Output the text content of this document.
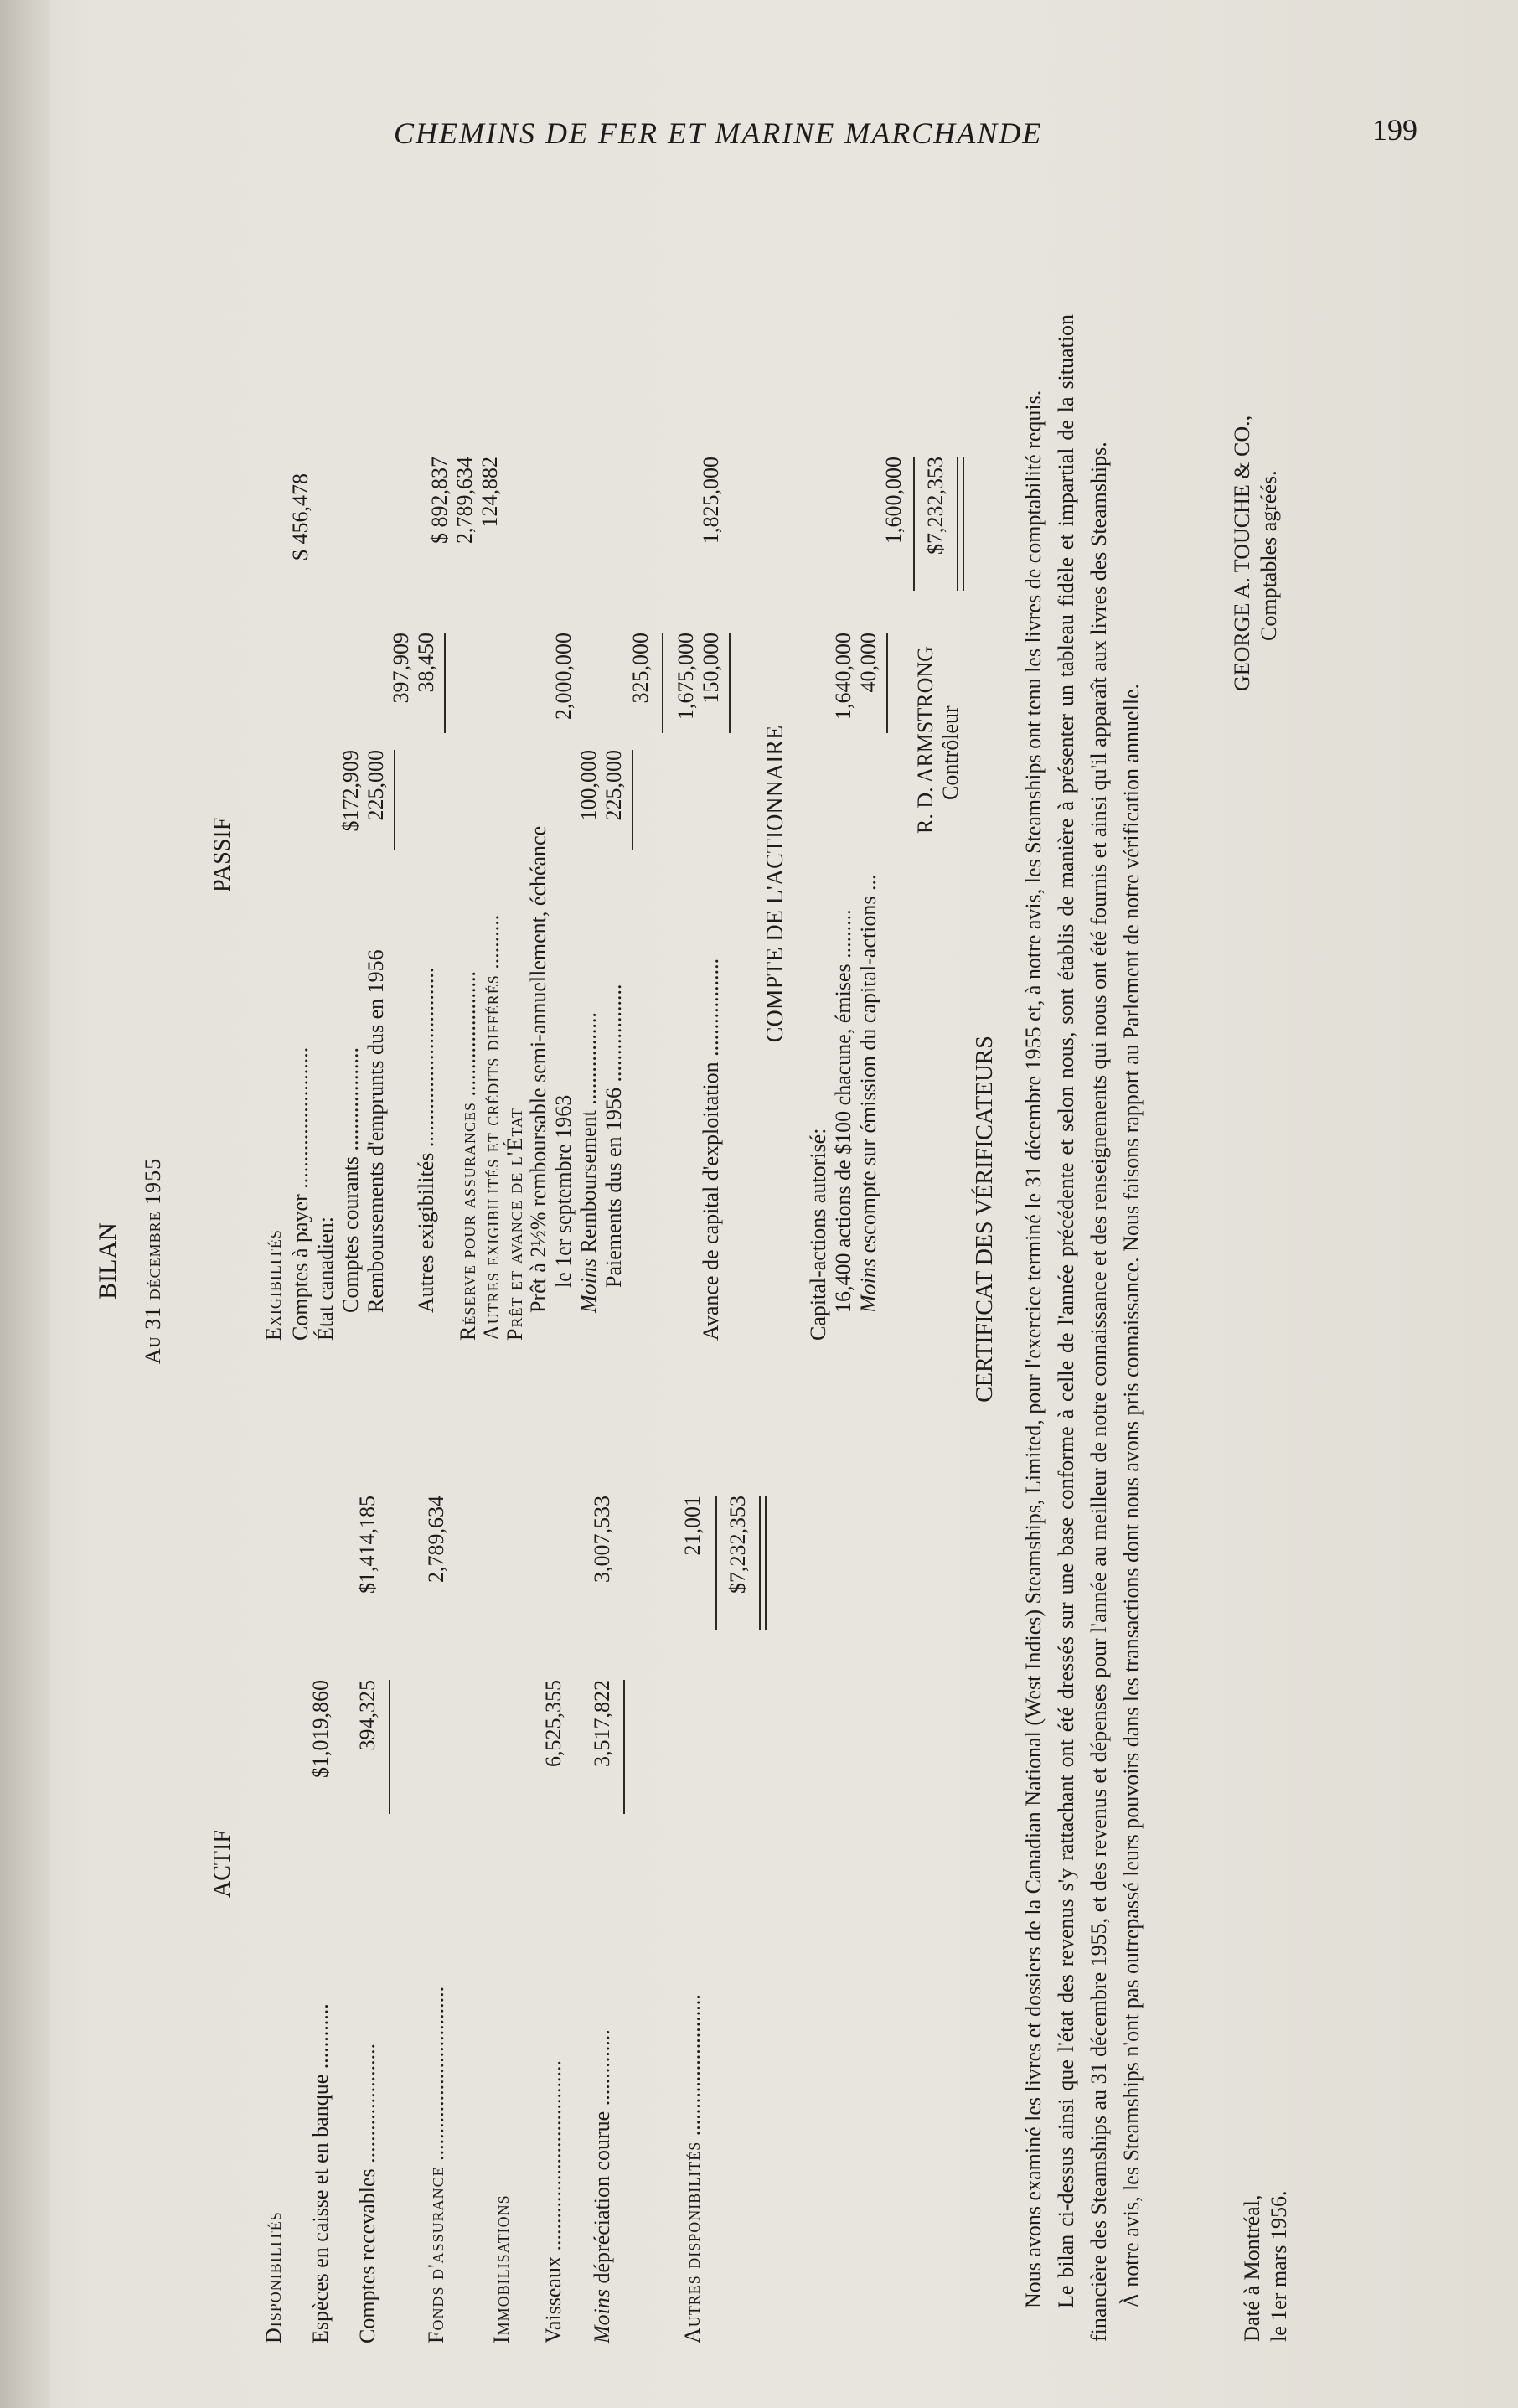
CHEMINS DE FER ET MARINE MARCHANDE	199
BILAN Au 31 décembre 1955
ACTIF
Disponibilités Espèces en caisse et en banque ............
$1,019,860
Comptes recevables ......................
394,325
$1,414,185
Fonds d'assurance ................................
2,789,634
Immobilisations Vaisseaux ...................................
6,525,355
Moins dépréciation courue ..............
3,517,822
3,007,533
Autres disponibilités ..........................
21,001 $7,232,353
PASSIF
Exigibilités Comptes à payer ..........................
$ 456,478
État canadien: Comptes courants ...................
$172,909
Remboursements d'emprunts dus en 1956
225,000
397,909
Autres exigibilités .................................
38,450
Réserve pour assurances .......................
$ 892,837 2,789,634
Autres exigibilités et crédits différés ..........
124,882
Prêt et avance de l'État Prêt à 2½% remboursable semi-annuellement, échéance le 1er septembre 1963
2,000,000
Moins Remboursement .................
100,000
Paiements dus en 1956 ..................
225,000
325,000 1,675,000
Avance de capital d'exploitation ..................
150,000
1,825,000
COMPTE DE L'ACTIONNAIRE
Capital-actions autorisé: 16,400 actions de $100 chacune, émises .........
1,640,000
Moins escompte sur émission du capital-actions ...
40,000
1,600,000 $7,232,353
R. D. ARMSTRONG Contrôleur
CERTIFICAT DES VÉRIFICATEURS Nous avons examiné les livres et dossiers de la Canadian National (West Indies) Steamships, Limited, pour l'exercice terminé le 31 décembre 1955 et, à notre avis, les Steamships ont tenu les livres de comptabilité requis. Le bilan ci-dessus ainsi que l'état des revenus s'y rattachant ont été dressés sur une base conforme à celle de l'année précédente et selon nous, sont établis de manière à présenter un tableau fidèle et impartial de la situation financière des Steamships au 31 décembre 1955, et des revenus et dépenses pour l'année au meilleur de notre connaissance et des renseignements qui nous ont été fournis et ainsi qu'il apparaît aux livres des Steamships. À notre avis, les Steamships n'ont pas outrepassé leurs pouvoirs dans les transactions dont nous avons pris connaissance. Nous faisons rapport au Parlement de notre vérification annuelle.	Daté à Montréal, le 1er mars 1956.
GEORGE A. TOUCHE & CO., Comptables agréés.
